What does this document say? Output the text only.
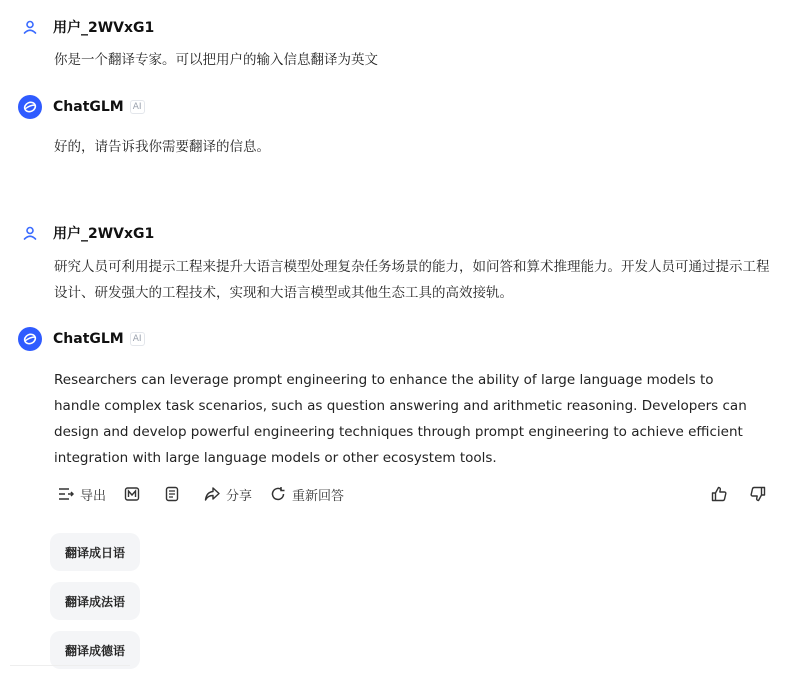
用户_2WVxG1
你是一个翻译专家。可以把用户的输入信息翻译为英文
ChatGLM	AI
好的，请告诉我你需要翻译的信息。
用户_2WVxG1
研究人员可利用提示工程来提升大语言模型处理复杂任务场景的能力，如问答和算术推理能力。开发人员可通过提示工程设计、研发强大的工程技术，实现和大语言模型或其他生态工具的高效接轨。
ChatGLM	AI
Researchers can leverage prompt engineering to enhance the ability of large language models to handle complex task scenarios, such as question answering and arithmetic reasoning. Developers can design and develop powerful engineering techniques through prompt engineering to achieve efficient integration with large language models or other ecosystem tools.
导出	分享	重新回答
翻译成日语
翻译成法语
翻译成德语
